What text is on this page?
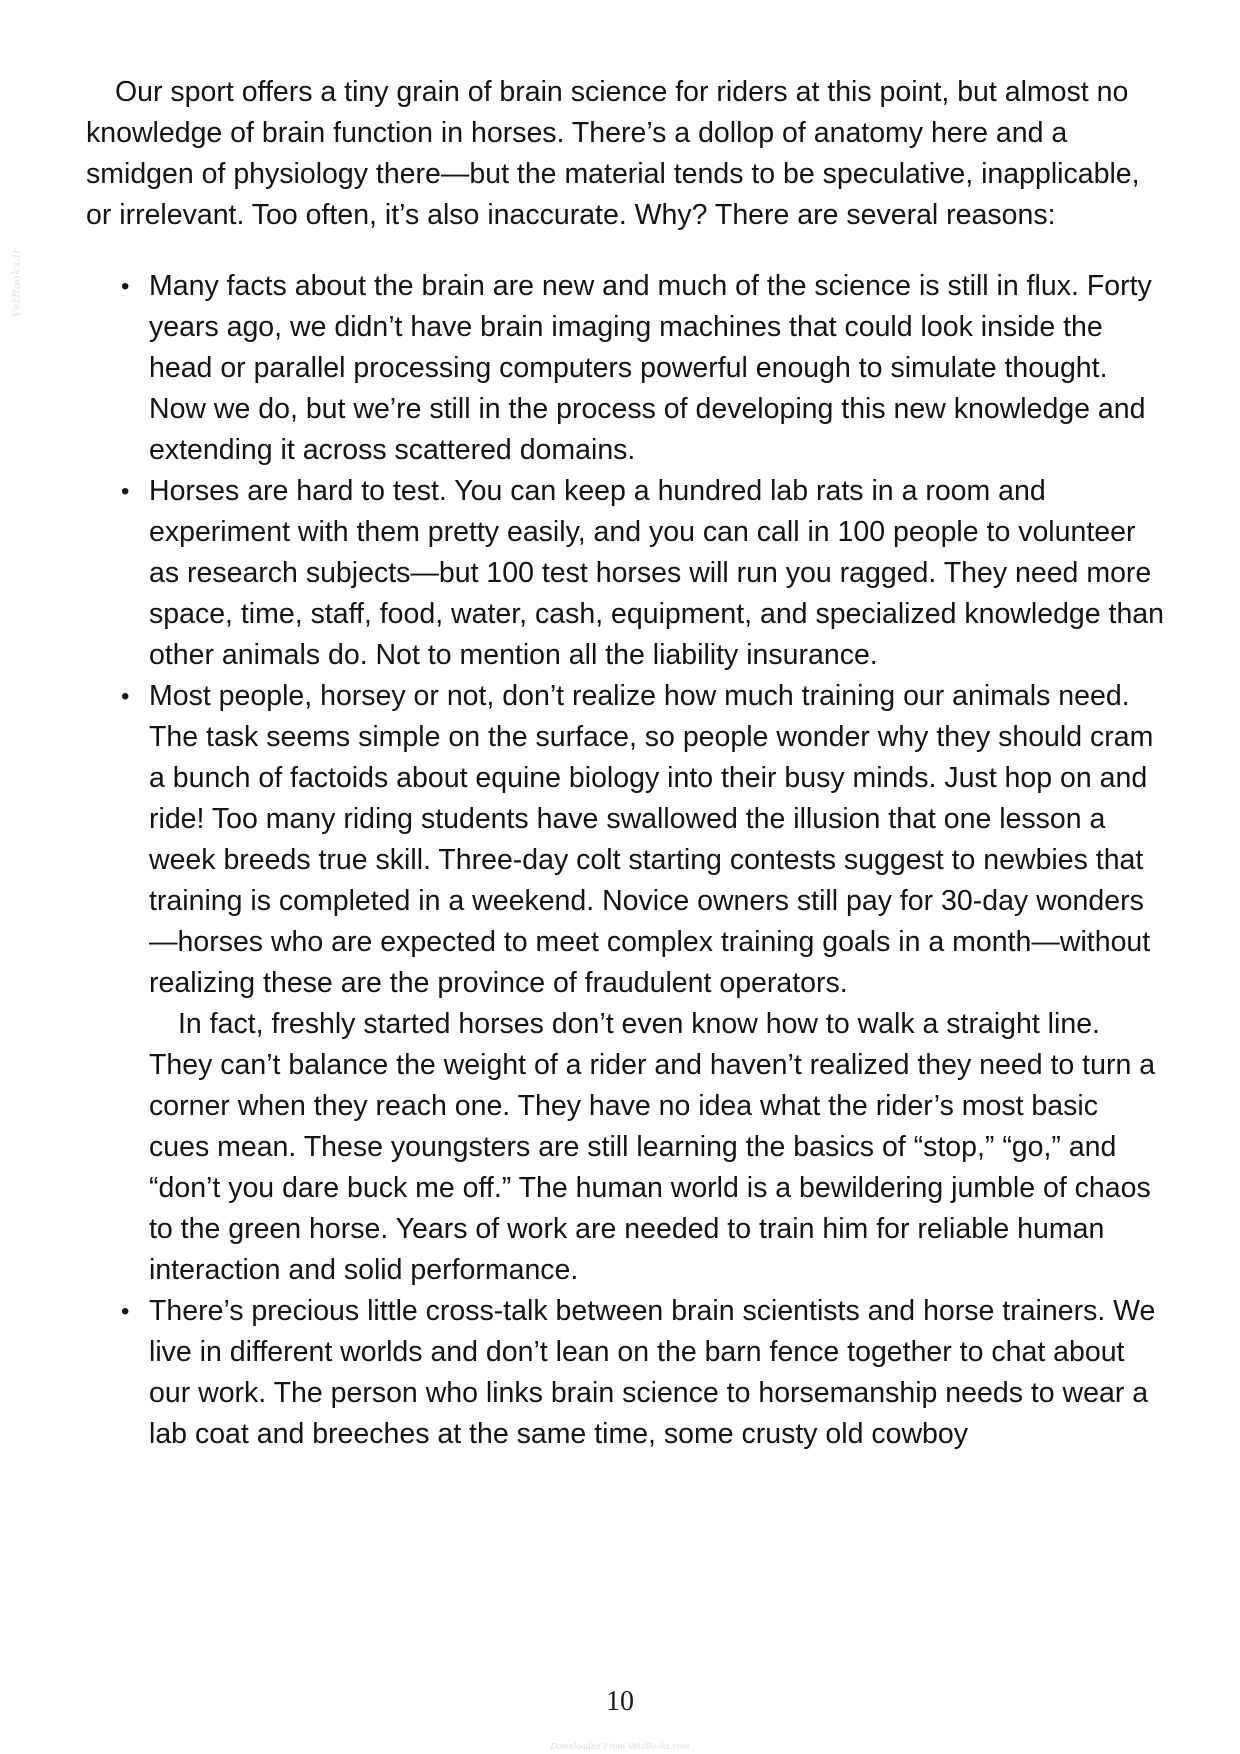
VetBooks.ir

Our sport offers a tiny grain of brain science for riders at this point, but almost no knowledge of brain function in horses. There’s a dollop of anatomy here and a smidgen of physiology there—but the material tends to be speculative, inapplicable, or irrelevant. Too often, it’s also inaccurate. Why? There are several reasons:

• Many facts about the brain are new and much of the science is still in flux. Forty years ago, we didn’t have brain imaging machines that could look inside the head or parallel processing computers powerful enough to simulate thought. Now we do, but we’re still in the process of developing this new knowledge and extending it across scattered domains.

• Horses are hard to test. You can keep a hundred lab rats in a room and experiment with them pretty easily, and you can call in 100 people to volunteer as research subjects—but 100 test horses will run you ragged. They need more space, time, staff, food, water, cash, equipment, and specialized knowledge than other animals do. Not to mention all the liability insurance.

• Most people, horsey or not, don’t realize how much training our animals need. The task seems simple on the surface, so people wonder why they should cram a bunch of factoids about equine biology into their busy minds. Just hop on and ride! Too many riding students have swallowed the illusion that one lesson a week breeds true skill. Three-day colt starting contests suggest to newbies that training is completed in a weekend. Novice owners still pay for 30-day wonders—horses who are expected to meet complex training goals in a month—without realizing these are the province of fraudulent operators.

In fact, freshly started horses don’t even know how to walk a straight line. They can’t balance the weight of a rider and haven’t realized they need to turn a corner when they reach one. They have no idea what the rider’s most basic cues mean. These youngsters are still learning the basics of “stop,” “go,” and “don’t you dare buck me off.” The human world is a bewildering jumble of chaos to the green horse. Years of work are needed to train him for reliable human interaction and solid performance.

• There’s precious little cross-talk between brain scientists and horse trainers. We live in different worlds and don’t lean on the barn fence together to chat about our work. The person who links brain science to horsemanship needs to wear a lab coat and breeches at the same time, some crusty old cowboy

10
Downloaded From VetoBooks.com
